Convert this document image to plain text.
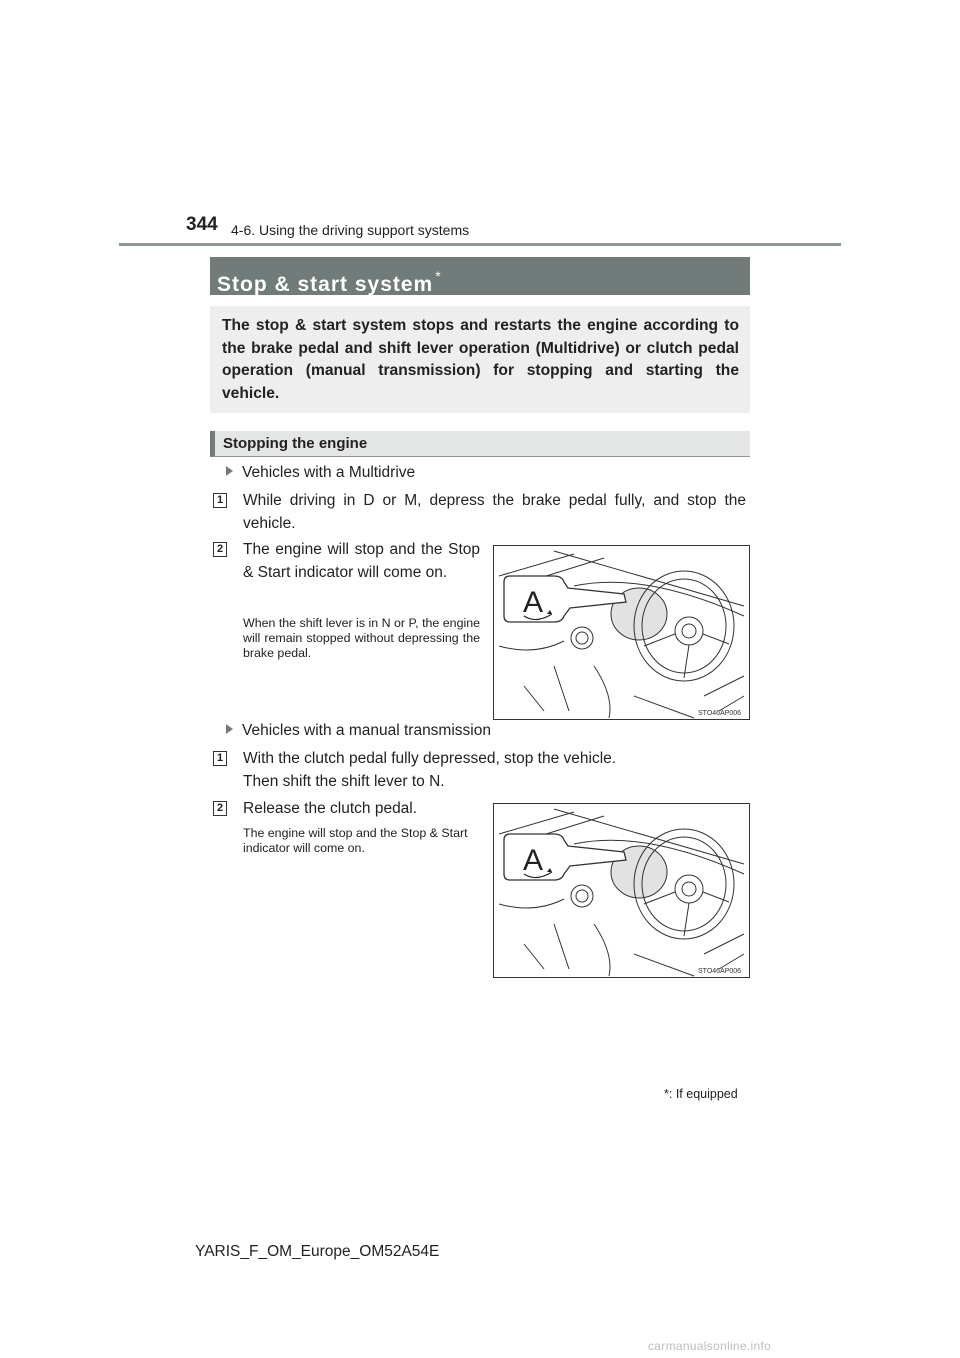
344 4-6. Using the driving support systems
Stop & start system *
The stop & start system stops and restarts the engine according to the brake pedal and shift lever operation (Multidrive) or clutch pedal operation (manual transmission) for stopping and starting the vehicle.
Stopping the engine
Vehicles with a Multidrive
1 While driving in D or M, depress the brake pedal fully, and stop the vehicle.
2 The engine will stop and the Stop & Start indicator will come on.
When the shift lever is in N or P, the engine will remain stopped without depressing the brake pedal.
A
STO46AP006
Vehicles with a manual transmission
1 With the clutch pedal fully depressed, stop the vehicle.
Then shift the shift lever to N.
2 Release the clutch pedal.
The engine will stop and the Stop & Start indicator will come on.	A
STO46AP006
*: If equipped
YARIS_F_OM_Europe_OM52A54E
carmanualsonline.info
